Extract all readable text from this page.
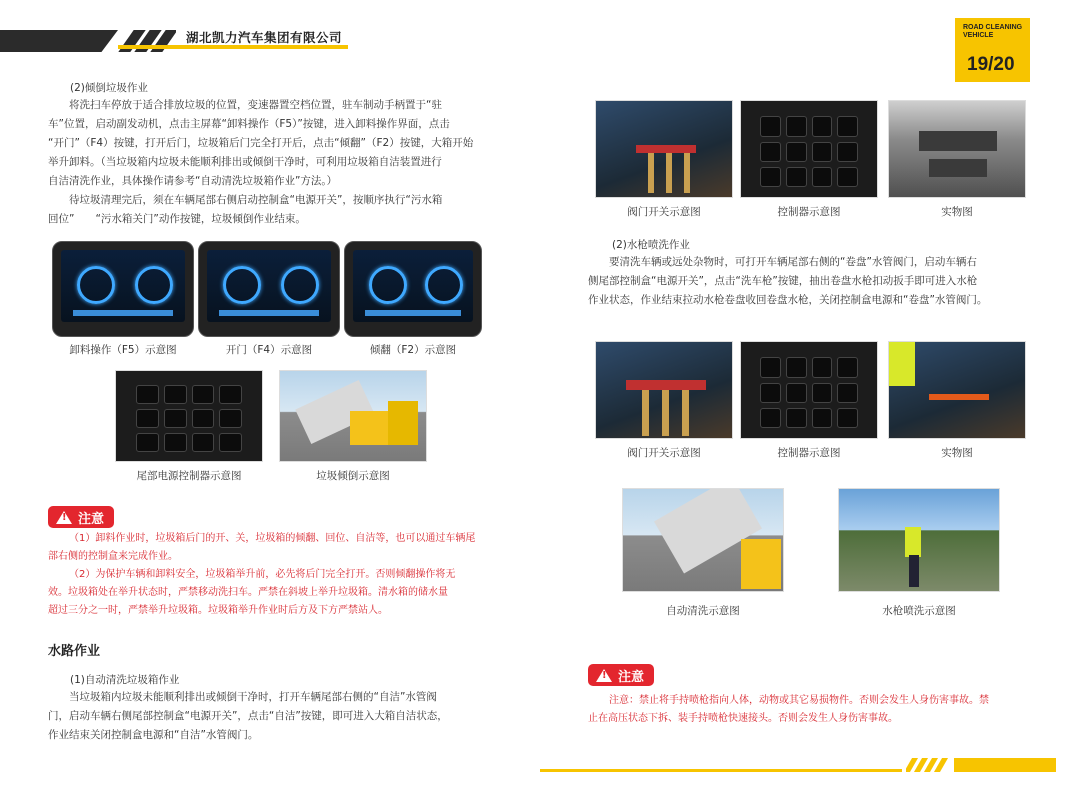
湖北凯力汽车集团有限公司
ROAD CLEANING
VEHICLE
19/20
(2)倾倒垃圾作业
将洗扫车停放于适合排放垃圾的位置，变速器置空档位置，驻车制动手柄置于“驻
车”位置，启动副发动机，点击主屏幕“卸料操作（F5）”按键，进入卸料操作界面，点击
“开门”（F4）按键，打开后门，垃圾箱后门完全打开后，点击“倾翻”（F2）按键，大箱开始
举升卸料。（当垃圾箱内垃圾未能顺利排出或倾倒干净时，可利用垃圾箱自洁装置进行
自洁清洗作业，具体操作请参考“自动清洗垃圾箱作业”方法。）
待垃圾清理完后，须在车辆尾部右侧启动控制盒“电源开关”，按顺序执行“污水箱
回位”　　“污水箱关门”动作按键，垃圾倾倒作业结束。
卸料操作（F5）示意图	开门（F4）示意图	倾翻（F2）示意图
尾部电源控制器示意图	垃圾倾倒示意图
!
注意
（1）卸料作业时，垃圾箱后门的开、关，垃圾箱的倾翻、回位、自洁等，也可以通过车辆尾
部右侧的控制盒来完成作业。
（2）为保护车辆和卸料安全，垃圾箱举升前，必先将后门完全打开。否则倾翻操作将无
效。垃圾箱处在举升状态时，严禁移动洗扫车。严禁在斜坡上举升垃圾箱。清水箱的储水量
超过三分之一时，严禁举升垃圾箱。垃圾箱举升作业时后方及下方严禁站人。
水路作业
(1)自动清洗垃圾箱作业
当垃圾箱内垃圾未能顺利排出或倾倒干净时，打开车辆尾部右侧的“自洁”水管阀
门，启动车辆右侧尾部控制盒“电源开关”，点击“自洁”按键，即可进入大箱自洁状态，
作业结束关闭控制盒电源和“自洁”水管阀门。
阀门开关示意图	控制器示意图	实物图
(2)水枪喷洗作业
要清洗车辆或远处杂物时，可打开车辆尾部右侧的“卷盘”水管阀门，启动车辆右
侧尾部控制盒“电源开关”，点击“洗车枪”按键，抽出卷盘水枪扣动扳手即可进入水枪
作业状态，作业结束拉动水枪卷盘收回卷盘水枪，关闭控制盒电源和“卷盘”水管阀门。
阀门开关示意图	控制器示意图	实物图
自动清洗示意图	水枪喷洗示意图
!
注意
注意：禁止将手持喷枪指向人体，动物或其它易损物件。否则会发生人身伤害事故。禁
止在高压状态下拆、装手持喷枪快速接头。否则会发生人身伤害事故。
